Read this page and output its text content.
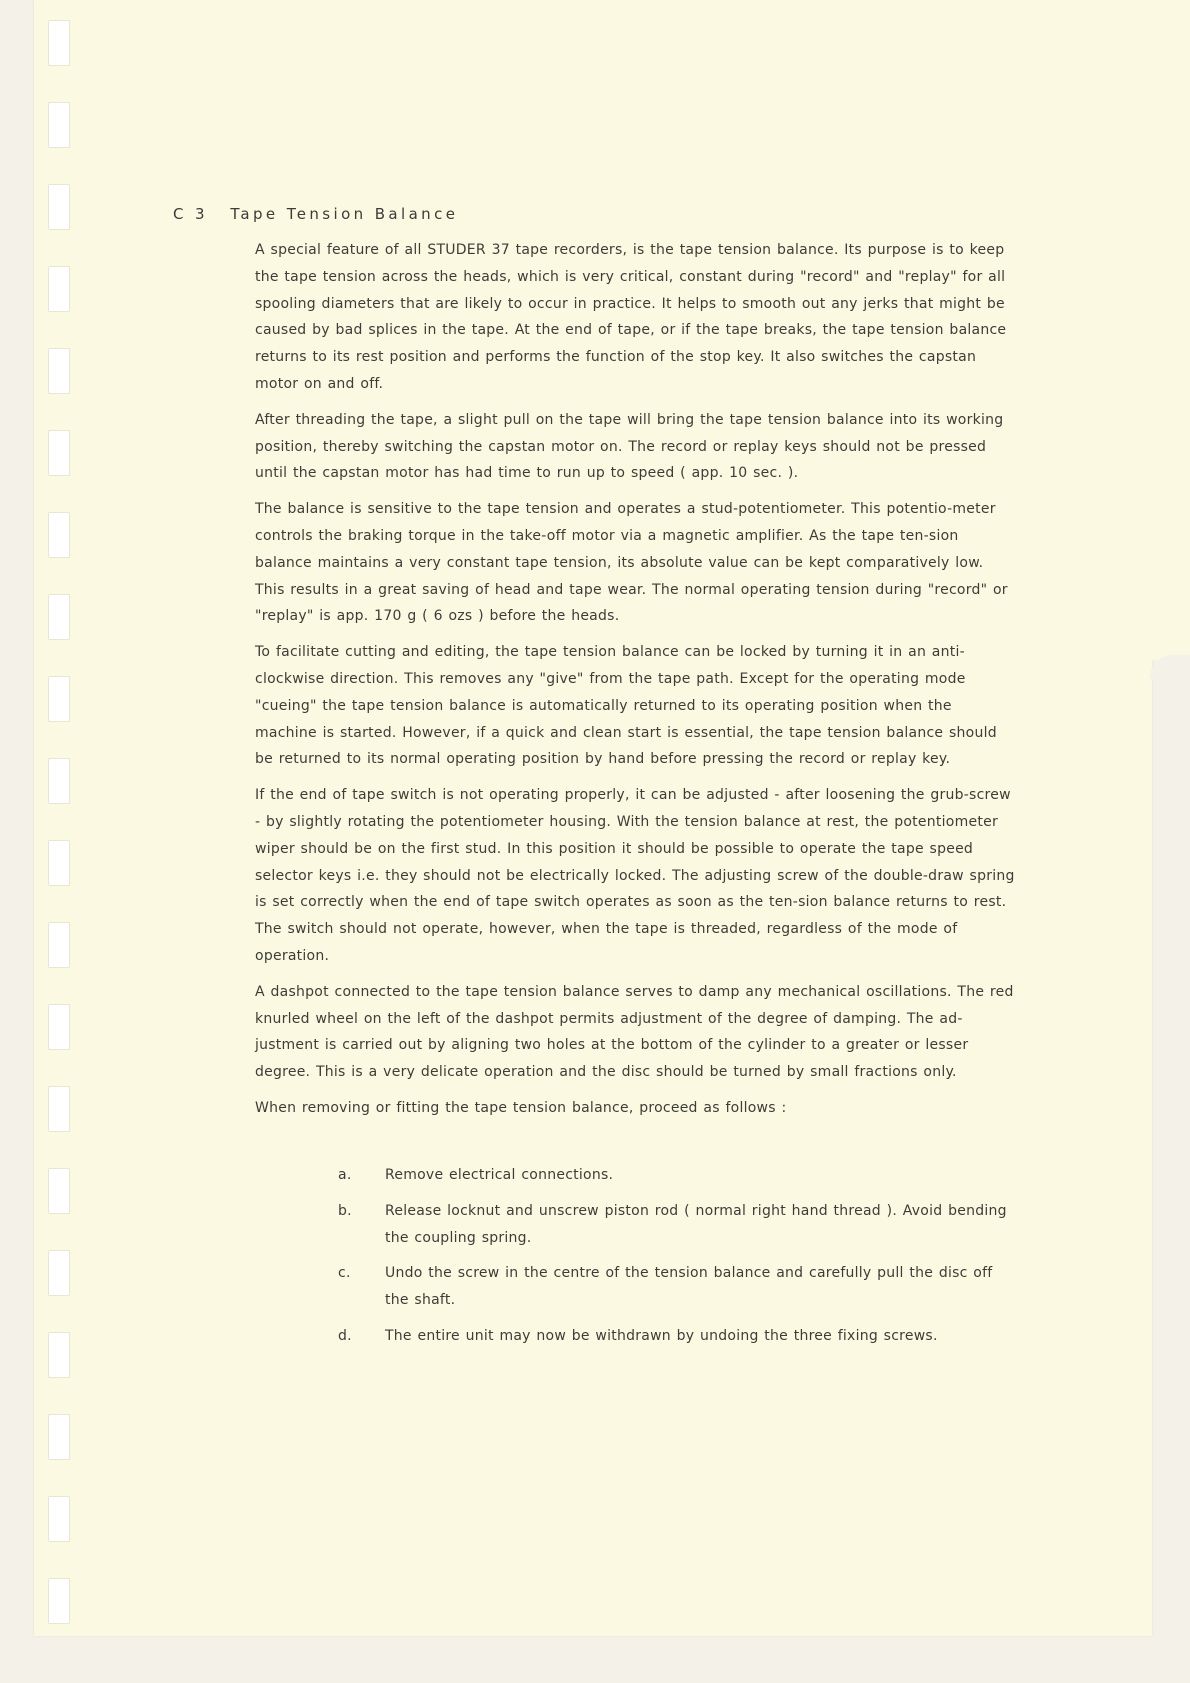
C 3 Tape Tension Balance

A special feature of all STUDER 37 tape recorders, is the tape tension balance. Its purpose is to keep the tape tension across the heads, which is very critical, constant during "record" and "replay" for all spooling diameters that are likely to occur in practice. It helps to smooth out any jerks that might be caused by bad splices in the tape. At the end of tape, or if the tape breaks, the tape tension balance returns to its rest position and performs the function of the stop key. It also switches the capstan motor on and off.

After threading the tape, a slight pull on the tape will bring the tape tension balance into its working position, thereby switching the capstan motor on. The record or replay keys should not be pressed until the capstan motor has had time to run up to speed ( app. 10 sec. ).

The balance is sensitive to the tape tension and operates a stud-potentiometer. This potentio-meter controls the braking torque in the take-off motor via a magnetic amplifier. As the tape ten-sion balance maintains a very constant tape tension, its absolute value can be kept comparatively low. This results in a great saving of head and tape wear. The normal operating tension during "record" or "replay" is app. 170 g ( 6 ozs ) before the heads.

To facilitate cutting and editing, the tape tension balance can be locked by turning it in an anti-clockwise direction. This removes any "give" from the tape path. Except for the operating mode "cueing" the tape tension balance is automatically returned to its operating position when the machine is started. However, if a quick and clean start is essential, the tape tension balance should be returned to its normal operating position by hand before pressing the record or replay key.

If the end of tape switch is not operating properly, it can be adjusted - after loosening the grub-screw - by slightly rotating the potentiometer housing. With the tension balance at rest, the potentiometer wiper should be on the first stud. In this position it should be possible to operate the tape speed selector keys i.e. they should not be electrically locked. The adjusting screw of the double-draw spring is set correctly when the end of tape switch operates as soon as the ten-sion balance returns to rest. The switch should not operate, however, when the tape is threaded, regardless of the mode of operation.

A dashpot connected to the tape tension balance serves to damp any mechanical oscillations. The red knurled wheel on the left of the dashpot permits adjustment of the degree of damping. The ad-justment is carried out by aligning two holes at the bottom of the cylinder to a greater or lesser degree. This is a very delicate operation and the disc should be turned by small fractions only.

When removing or fitting the tape tension balance, proceed as follows :

a.	Remove electrical connections.
b.	Release locknut and unscrew piston rod ( normal right hand thread ). Avoid bending the coupling spring.
c.	Undo the screw in the centre of the tension balance and carefully pull the disc off the shaft.
d.	The entire unit may now be withdrawn by undoing the three fixing screws.
